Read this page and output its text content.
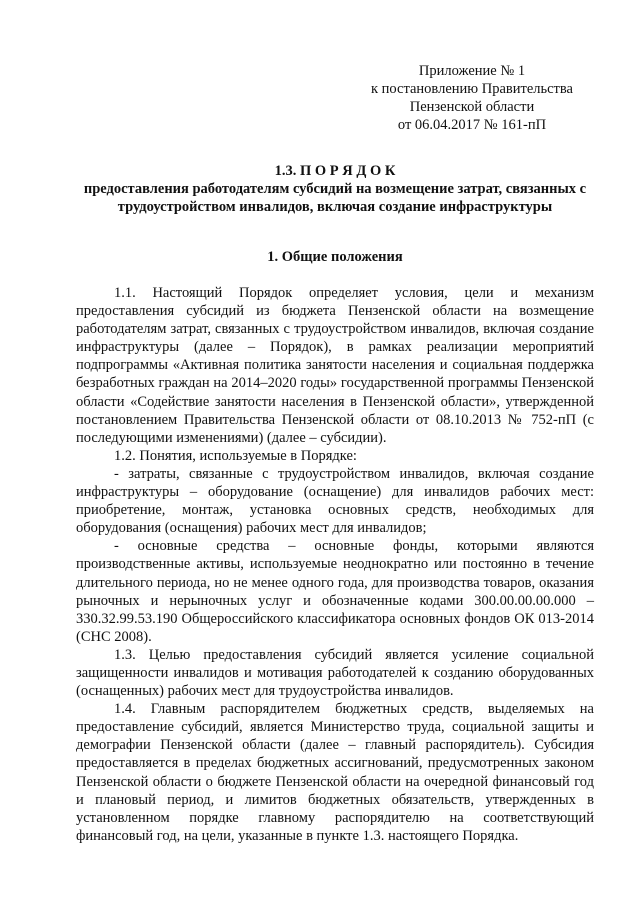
Приложение № 1
к постановлению Правительства
Пензенской области
от 06.04.2017 № 161-пП
1.3. П О Р Я Д О К
предоставления работодателям субсидий на возмещение затрат, связанных с трудоустройством инвалидов, включая создание инфраструктуры
1. Общие положения

1.1. Настоящий Порядок определяет условия, цели и механизм предоставления субсидий из бюджета Пензенской области на возмещение работодателям затрат, связанных с трудоустройством инвалидов, включая создание инфраструктуры (далее – Порядок), в рамках реализации мероприятий подпрограммы «Активная политика занятости населения и социальная поддержка безработных граждан на 2014–2020 годы» государственной программы Пензенской области «Содействие занятости населения в Пензенской области», утвержденной постановлением Правительства Пензенской области от 08.10.2013 № 752-пП (с последующими изменениями) (далее – субсидии).

1.2. Понятия, используемые в Порядке:

- затраты, связанные с трудоустройством инвалидов, включая создание инфраструктуры – оборудование (оснащение) для инвалидов рабочих мест: приобретение, монтаж, установка основных средств, необходимых для оборудования (оснащения) рабочих мест для инвалидов;

- основные средства – основные фонды, которыми являются производственные активы, используемые неоднократно или постоянно в течение длительного периода, но не менее одного года, для производства товаров, оказания рыночных и нерыночных услуг и обозначенные кодами 300.00.00.00.000 – 330.32.99.53.190 Общероссийского классификатора основных фондов ОК 013-2014 (СНС 2008).

1.3. Целью предоставления субсидий является усиление социальной защищенности инвалидов и мотивация работодателей к созданию оборудованных (оснащенных) рабочих мест для трудоустройства инвалидов.

1.4. Главным распорядителем бюджетных средств, выделяемых на предоставление субсидий, является Министерство труда, социальной защиты и демографии Пензенской области (далее – главный распорядитель). Субсидия предоставляется в пределах бюджетных ассигнований, предусмотренных законом Пензенской области о бюджете Пензенской области на очередной финансовый год и плановый период, и лимитов бюджетных обязательств, утвержденных в установленном порядке главному распорядителю на соответствующий финансовый год, на цели, указанные в пункте 1.3. настоящего Порядка.
